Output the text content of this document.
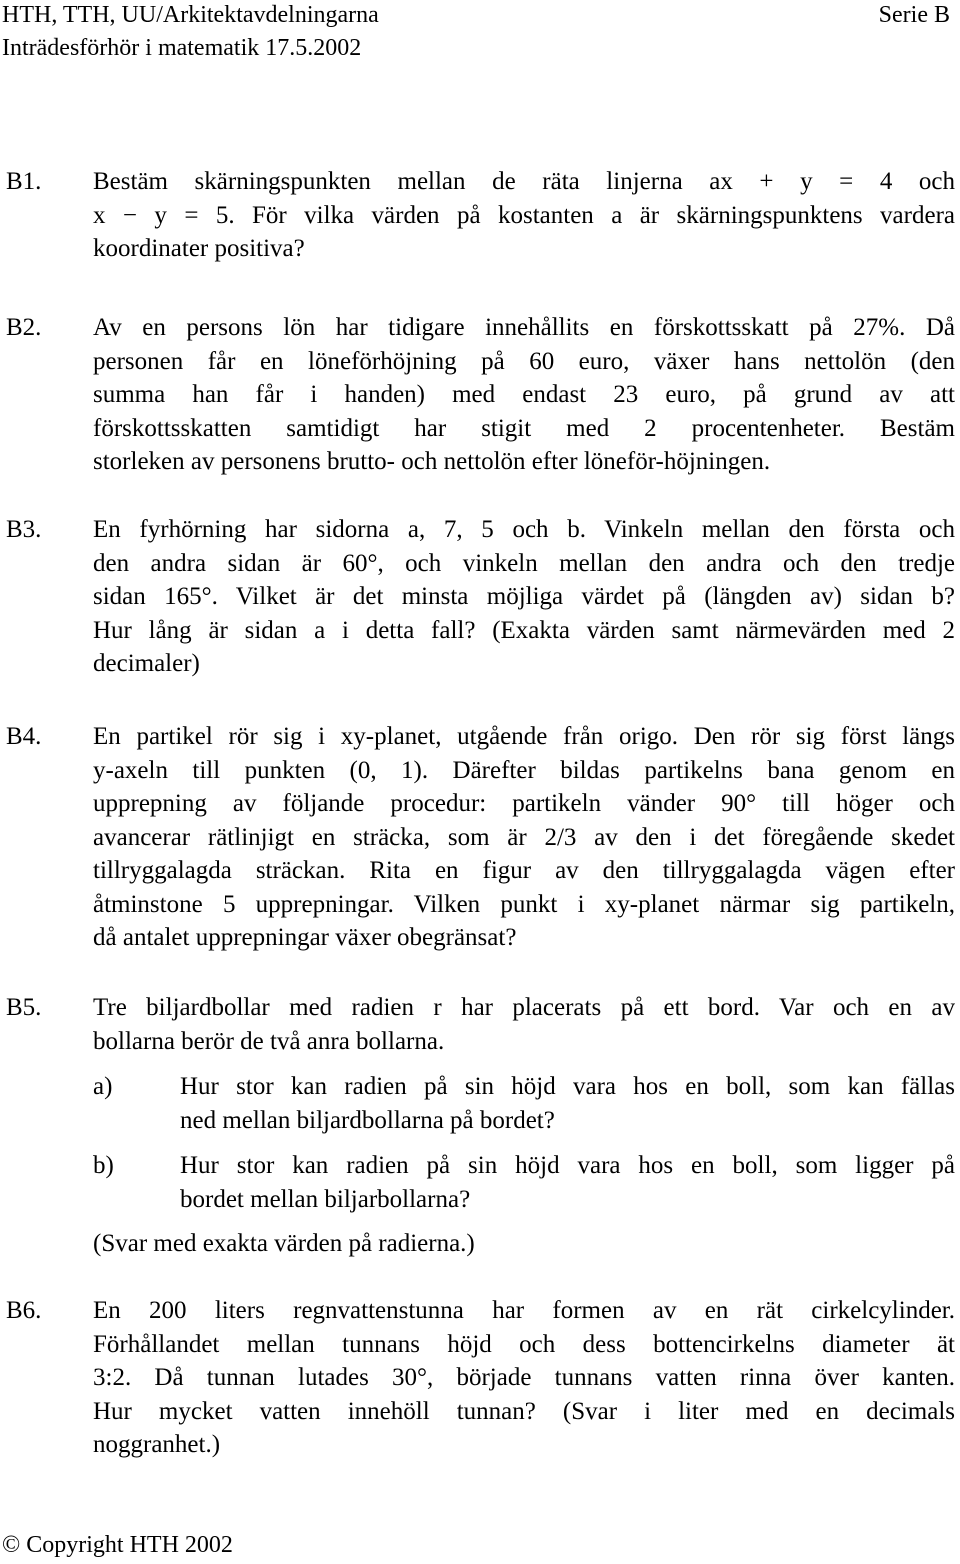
HTH, TTH, UU/Arkitektavdelningarna	Serie B
Inträdesförhör i matematik 17.5.2002
B1. Bestäm skärningspunkten mellan de räta linjerna ax + y = 4 och
x − y = 5. För vilka värden på kostanten a är skärningspunktens vardera
koordinater positiva?
B2. Av en persons lön har tidigare innehållits en förskottsskatt på 27%. Då
personen får en löneförhöjning på 60 euro, växer hans nettolön (den
summa han får i handen) med endast 23 euro, på grund av att
förskottsskatten samtidigt har stigit med 2 procentenheter. Bestäm
storleken av personens brutto- och nettolön efter löneför-höjningen.
B3. En fyrhörning har sidorna a, 7, 5 och b. Vinkeln mellan den första och
den andra sidan är 60°, och vinkeln mellan den andra och den tredje
sidan 165°. Vilket är det minsta möjliga värdet på (längden av) sidan b?
Hur lång är sidan a i detta fall? (Exakta värden samt närmevärden med 2
decimaler)
B4. En partikel rör sig i xy-planet, utgående från origo. Den rör sig först längs
y-axeln till punkten (0, 1). Därefter bildas partikelns bana genom en
upprepning av följande procedur: partikeln vänder 90° till höger och
avancerar rätlinjigt en sträcka, som är 2/3 av den i det föregående skedet
tillryggalagda sträckan. Rita en figur av den tillryggalagda vägen efter
åtminstone 5 upprepningar. Vilken punkt i xy-planet närmar sig partikeln,
då antalet upprepningar växer obegränsat?
B5. Tre biljardbollar med radien r har placerats på ett bord. Var och en av
bollarna berör de två anra bollarna.
a)	Hur stor kan radien på sin höjd vara hos en boll, som kan fällas
ned mellan biljardbollarna på bordet?
b)	Hur stor kan radien på sin höjd vara hos en boll, som ligger på
bordet mellan biljarbollarna?
(Svar med exakta värden på radierna.)
B6. En 200 liters regnvattenstunna har formen av en rät cirkelcylinder.
Förhållandet mellan tunnans höjd och dess bottencirkelns diameter ät
3:2. Då tunnan lutades 30°, började tunnans vatten rinna över kanten.
Hur mycket vatten innehöll tunnan? (Svar i liter med en decimals
noggranhet.)
© Copyright HTH 2002
